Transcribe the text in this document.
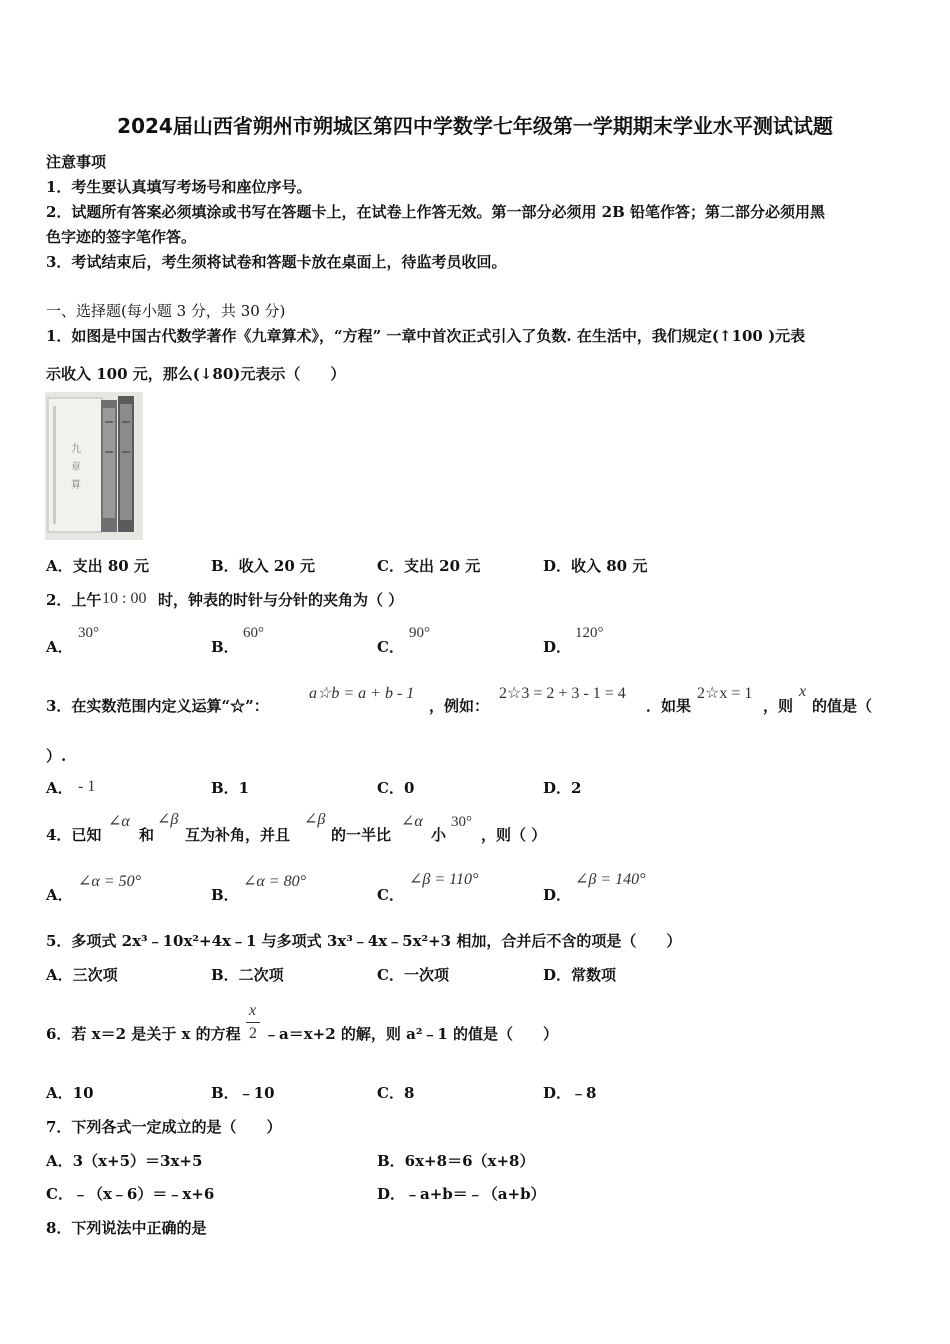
2024届山西省朔州市朔城区第四中学数学七年级第一学期期末学业水平测试试题
注意事项
1．考生要认真填写考场号和座位序号。
2．试题所有答案必须填涂或书写在答题卡上，在试卷上作答无效。第一部分必须用 2B 铅笔作答；第二部分必须用黑
色字迹的签字笔作答。
3．考试结束后，考生须将试卷和答题卡放在桌面上，待监考员收回。
一、选择题(每小题 3 分，共 30 分)
1．如图是中国古代数学著作《九章算术》，“方程” 一章中首次正式引入了负数. 在生活中，我们规定(↑100 )元表
示收入 100 元，那么(↓80)元表示（　　）
九
章
算
A．支出 80 元	B．收入 20 元	C．支出 20 元	D．收入 80 元
2．上午 10 : 00 时，钟表的时针与分针的夹角为（ ）
A．
30°
B．
60°
C．
90°
D．
120°
3．在实数范围内定义运算“☆”：
a☆b = a + b - 1
，例如：
2☆3 = 2 + 3 - 1 = 4
．如果
2☆x = 1
，则
x
的值是（
）.
A． - 1	B．1	C．0	D．2
4．已知
∠α
和
∠β
互为补角，并且
∠β
的一半比
∠α
小
30°
，则（ ）
A．
∠α = 50°
B．
∠α = 80°
C．
∠β = 110°
D．
∠β = 140°
5．多项式 2x³﹣10x²+4x﹣1 与多项式 3x³﹣4x﹣5x²+3 相加，合并后不含的项是（　　）
A．三次项	B．二次项	C．一次项	D．常数项
6．若 x＝2 是关于 x 的方程
x
2 ﹣a＝x+2 的解，则 a²﹣1 的值是（　　）
A．10	B．﹣10	C．8	D．﹣8
7．下列各式一定成立的是（　　）
A．3（x+5）＝3x+5	B．6x+8＝6（x+8）
C．﹣（x﹣6）＝﹣x+6	D．﹣a+b＝﹣（a+b）
8．下列说法中正确的是
